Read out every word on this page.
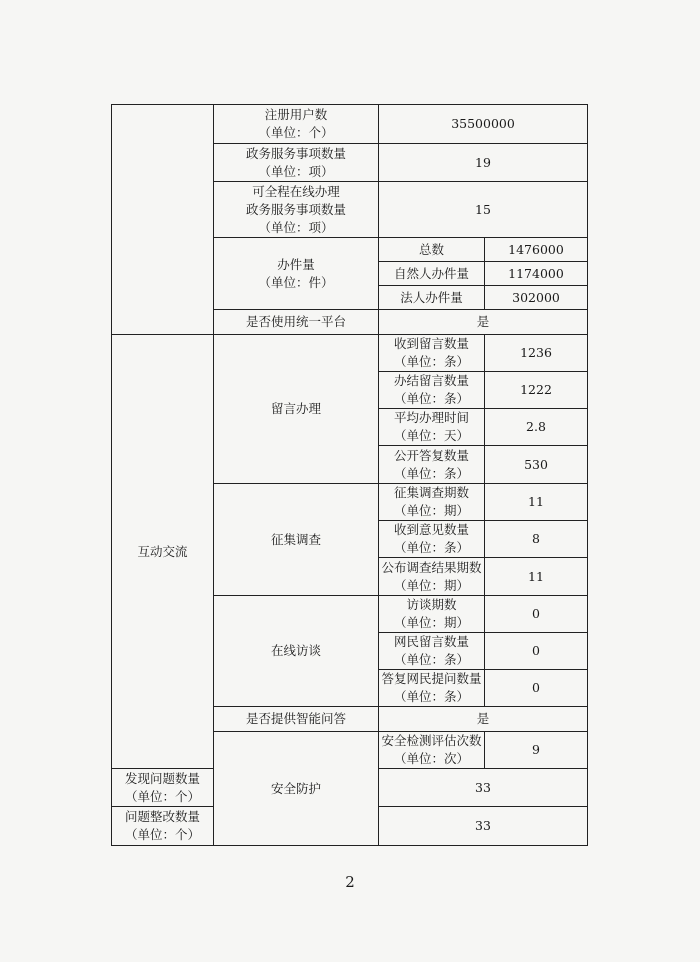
	注册用户数
（单位：个）	35500000	

	政务服务事项数量
（单位：项）	19	

	可全程在线办理
政务服务事项数量
（单位：项）	15	

	办件量
（单位：件）	总数	1476000
		自然人办件量	1174000
		法人办件量	302000
	是否使用统一平台	是	
互动交流	留言办理	收到留言数量
（单位：条）	1236

		办结留言数量
（单位：条）	1222

		平均办理时间
（单位：天）	2.8

		公开答复数量
（单位：条）	530
	征集调查	征集调查期数
（单位：期）	11

		收到意见数量
（单位：条）	8

		公布调查结果期数
（单位：期）	11
	在线访谈	访谈期数
（单位：期）	0

		网民留言数量
（单位：条）	0

		答复网民提问数量
（单位：条）	0
	是否提供智能问答	是	
	安全防护	安全检测评估次数
（单位：次）	9

发现问题数量
（单位：个）		33	

问题整改数量
（单位：个）		33	
2
